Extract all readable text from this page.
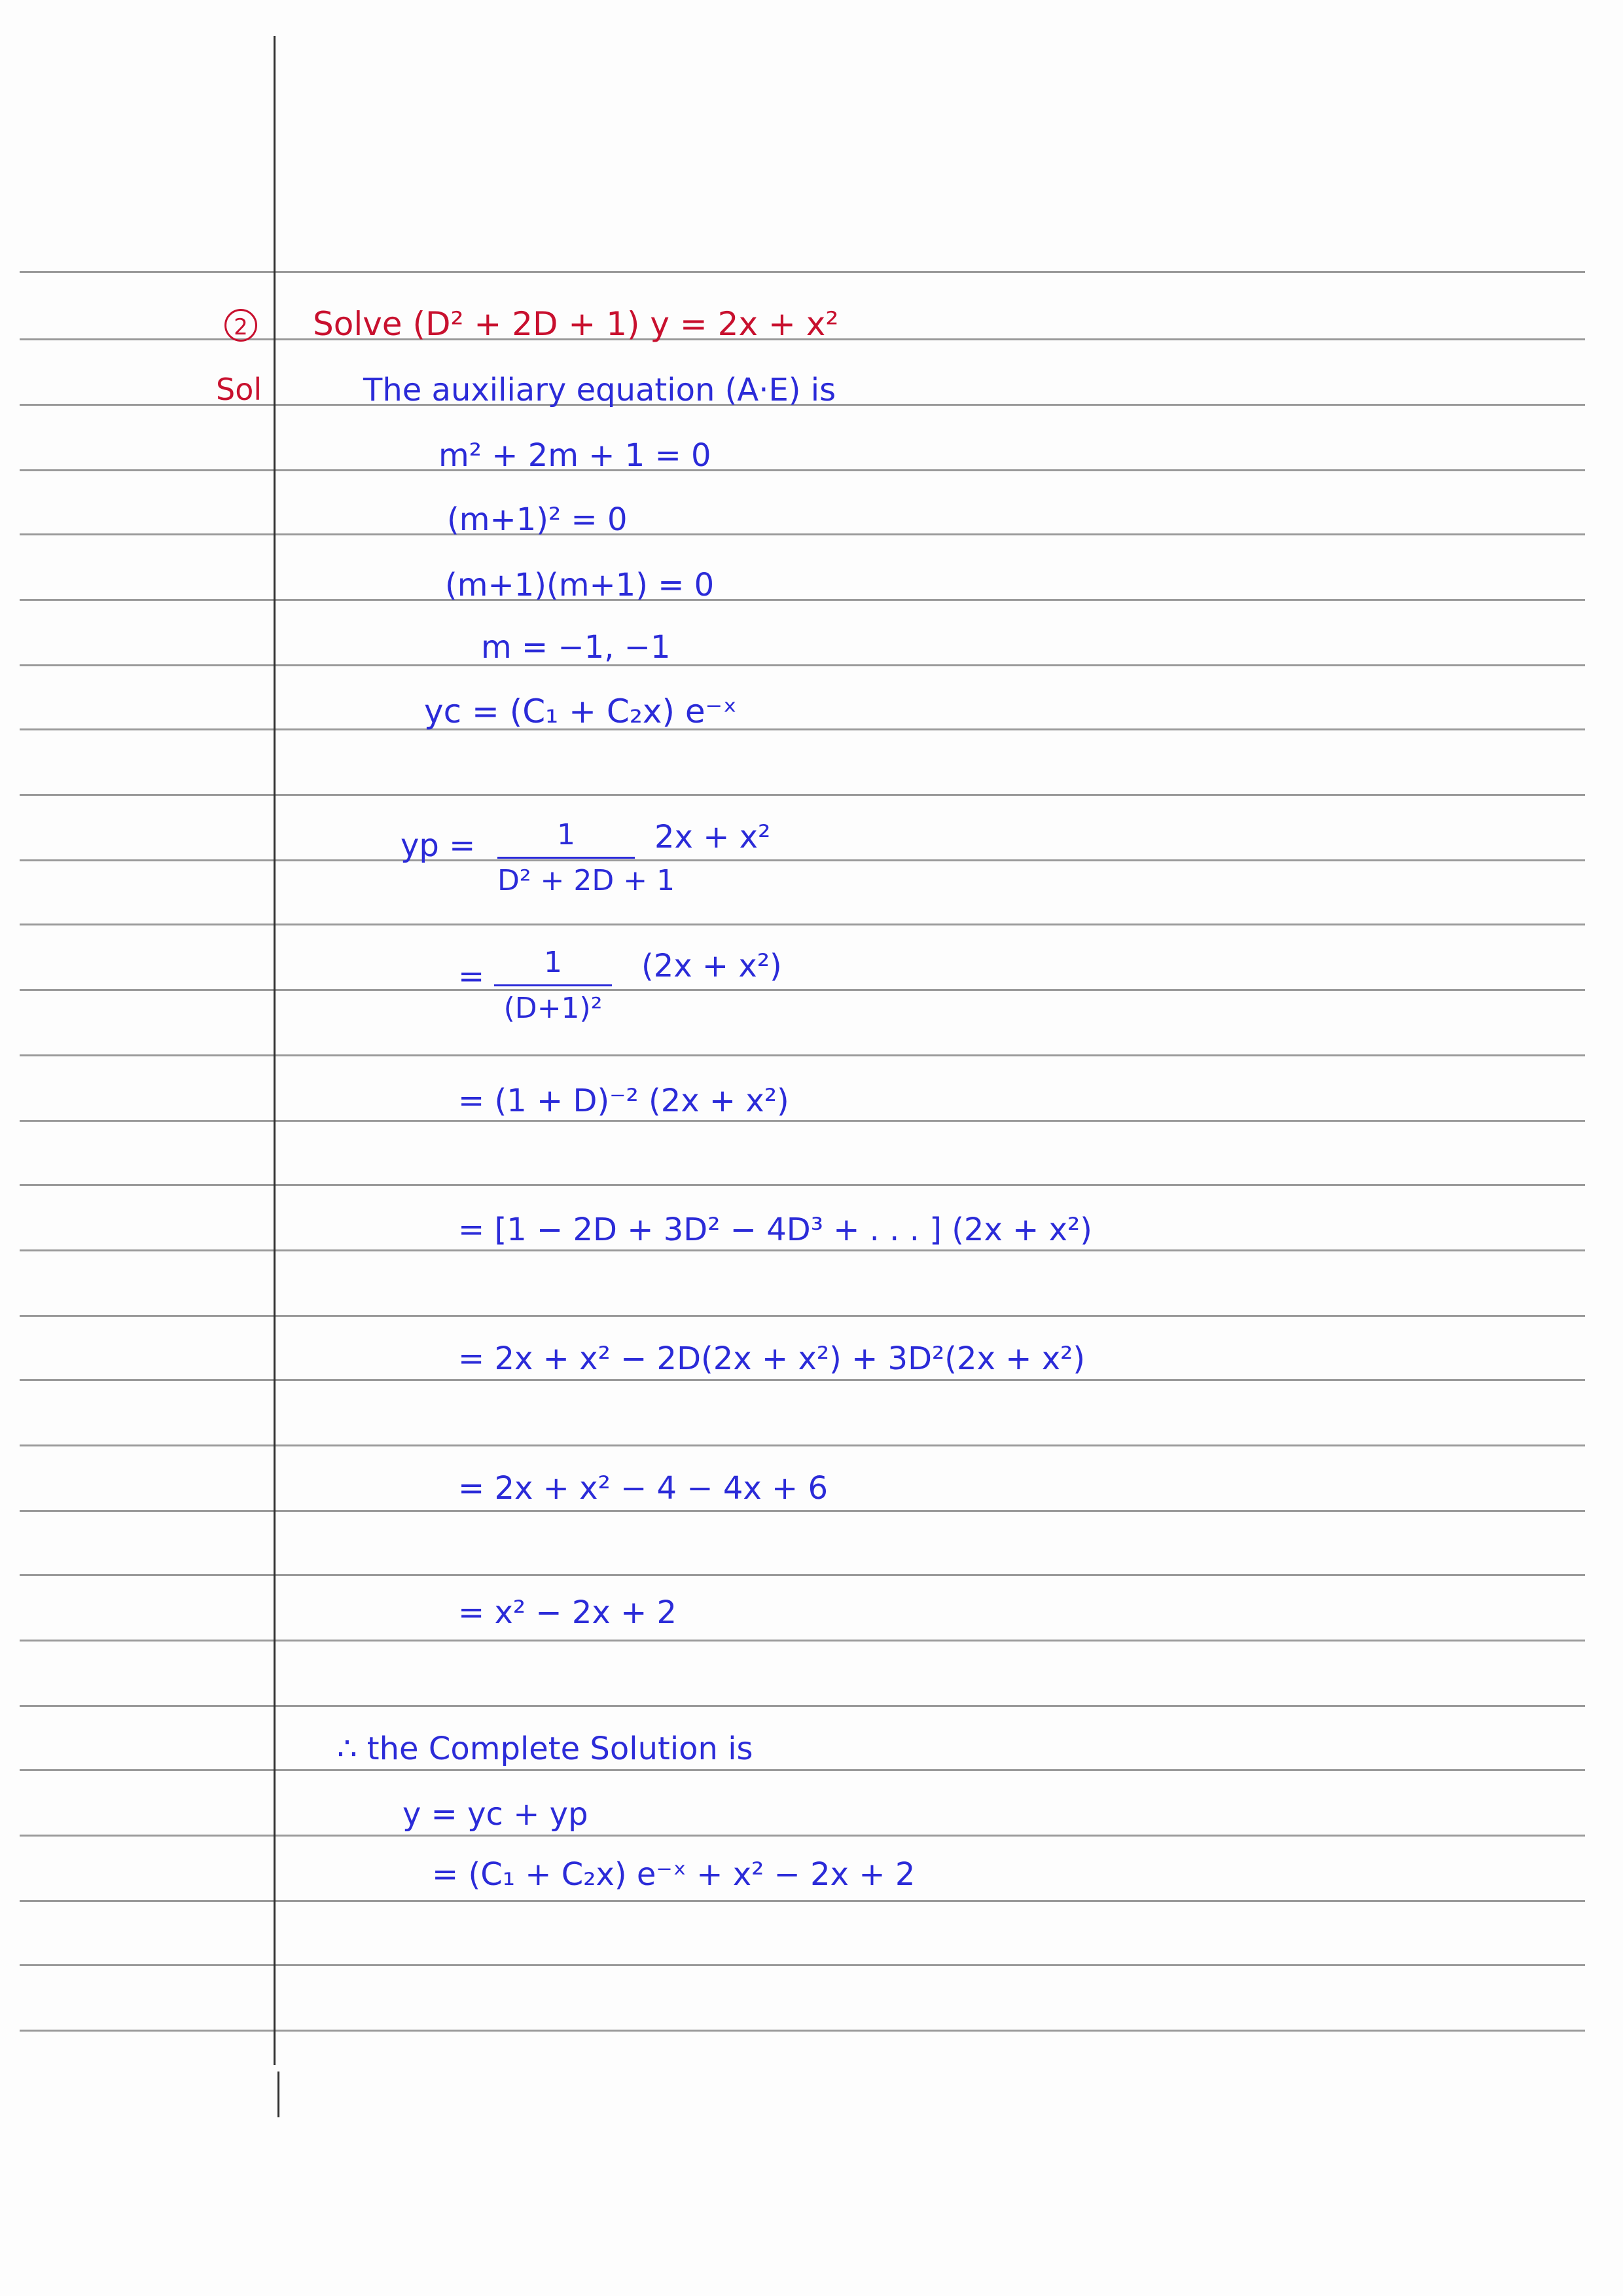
2 Solve (D² + 2D + 1) y = 2x + x²
Sol	The auxiliary equation (A·E) is
m² + 2m + 1 = 0
(m+1)² = 0
(m+1)(m+1) = 0
m = −1, −1
yc = (C₁ + C₂x) e⁻ˣ
yp =	1
D² + 2D + 1
2x + x²
=	1
(D+1)²
(2x + x²)
= (1 + D)⁻² (2x + x²)
= [1 − 2D + 3D² − 4D³ + . . . ] (2x + x²)
= 2x + x² − 2D(2x + x²) + 3D²(2x + x²)
= 2x + x² − 4 − 4x + 6
= x² − 2x + 2
∴ the Complete Solution is
y = yc + yp
= (C₁ + C₂x) e⁻ˣ + x² − 2x + 2
